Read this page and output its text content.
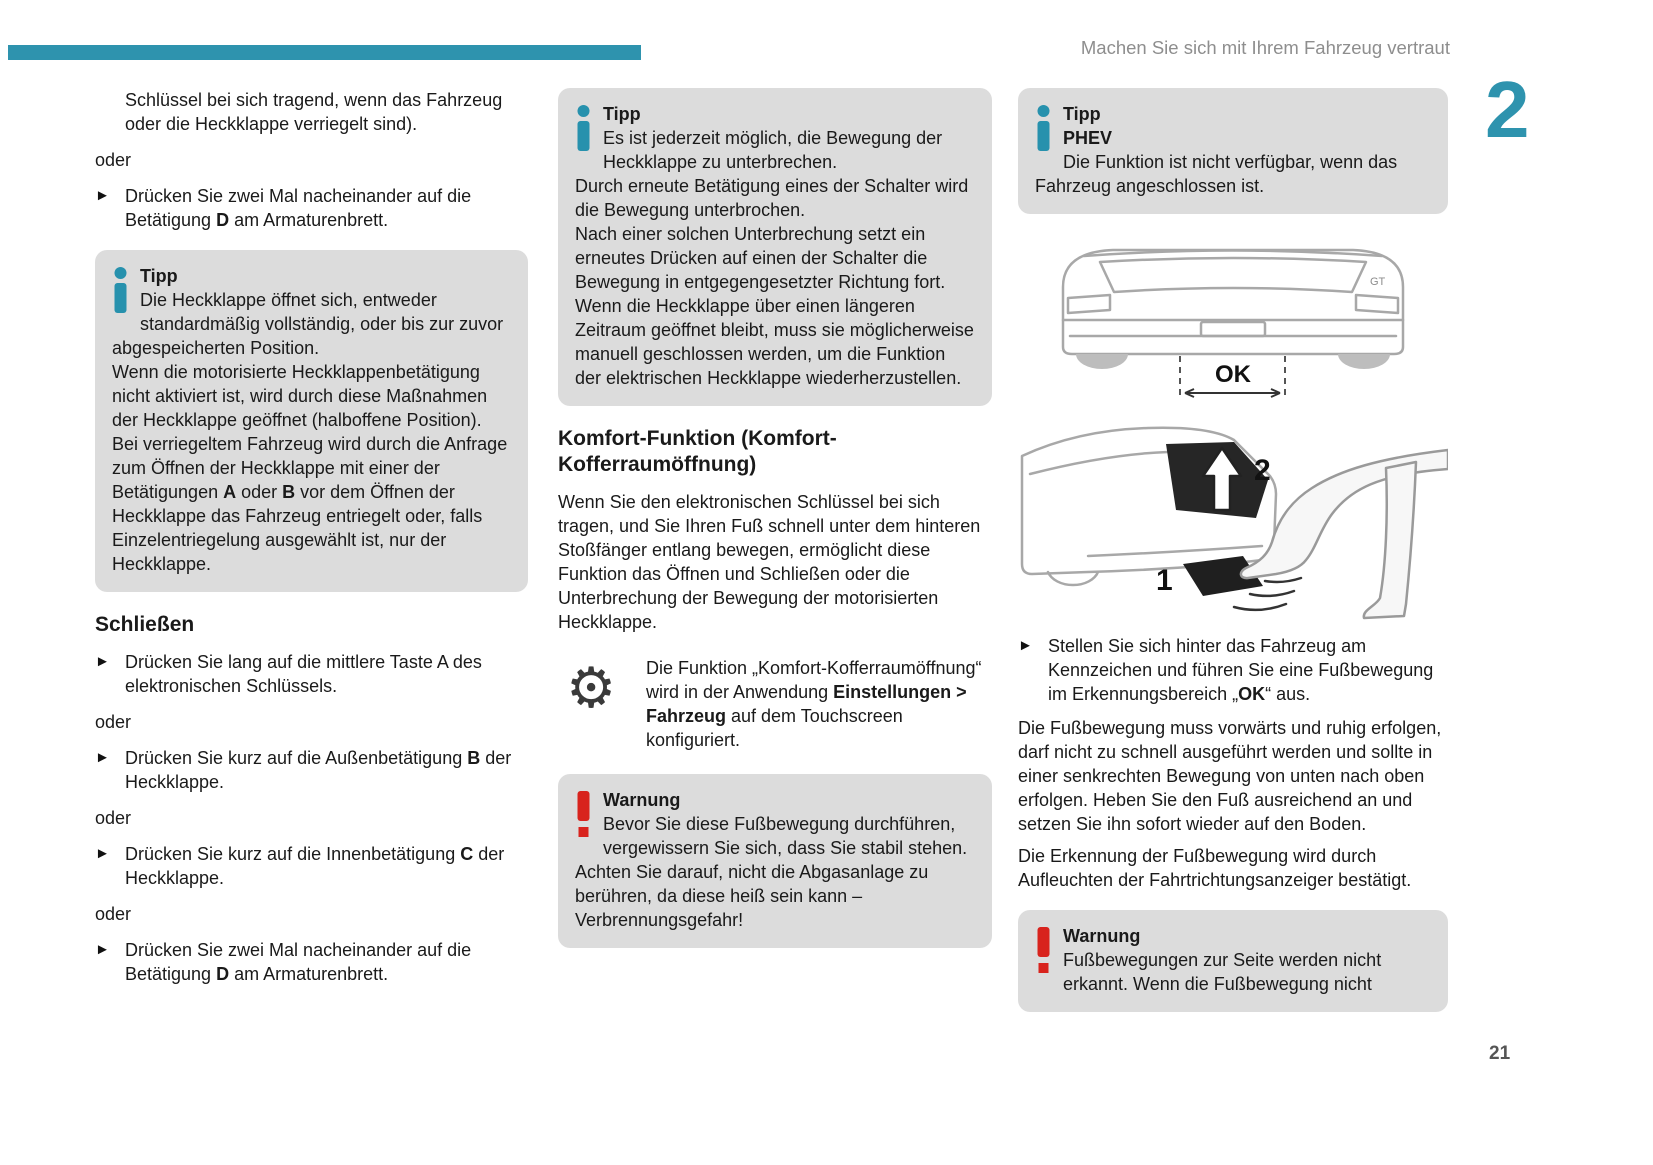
Machen Sie sich mit Ihrem Fahrzeug vertraut
2
21

Schlüssel bei sich tragend, wenn das Fahrzeug oder die Heckklappe verriegelt sind).

oder

► Drücken Sie zwei Mal nacheinander auf die Betätigung D am Armaturenbrett.
Tipp

Die Heckklappe öffnet sich, entweder standardmäßig vollständig, oder bis zur zuvor abgespeicherten Position.

Wenn die motorisierte Heckklappenbetätigung nicht aktiviert ist, wird durch diese Maßnahmen der Heckklappe geöffnet (halboffene Position).

Bei verriegeltem Fahrzeug wird durch die Anfrage zum Öffnen der Heckklappe mit einer der Betätigungen A oder B vor dem Öffnen der Heckklappe das Fahrzeug entriegelt oder, falls Einzelentriegelung ausgewählt ist, nur der Heckklappe.

Schließen
► Drücken Sie lang auf die mittlere Taste A des elektronischen Schlüssels.

oder

► Drücken Sie kurz auf die Außenbetätigung B der Heckklappe.

oder

► Drücken Sie kurz auf die Innenbetätigung C der Heckklappe.

oder

► Drücken Sie zwei Mal nacheinander auf die Betätigung D am Armaturenbrett.
Tipp

Es ist jederzeit möglich, die Bewegung der Heckklappe zu unterbrechen.

Durch erneute Betätigung eines der Schalter wird die Bewegung unterbrochen.

Nach einer solchen Unterbrechung setzt ein erneutes Drücken auf einen der Schalter die Bewegung in entgegengesetzter Richtung fort.

Wenn die Heckklappe über einen längeren Zeitraum geöffnet bleibt, muss sie möglicherweise manuell geschlossen werden, um die Funktion der elektrischen Heckklappe wiederherzustellen.

Komfort-Funktion (Komfort-Kofferraumöffnung)

Wenn Sie den elektronischen Schlüssel bei sich tragen, und Sie Ihren Fuß schnell unter dem hinteren Stoßfänger entlang bewegen, ermöglicht diese Funktion das Öffnen und Schließen oder die Unterbrechung der Bewegung der motorisierten Heckklappe.

⚙	Die Funktion „Komfort-Kofferraumöffnung“ wird in der Anwendung Einstellungen > Fahrzeug auf dem Touchscreen konfiguriert.
Warnung

Bevor Sie diese Fußbewegung durchführen, vergewissern Sie sich, dass Sie stabil stehen.

Achten Sie darauf, nicht die Abgasanlage zu berühren, da diese heiß sein kann – Verbrennungsgefahr!

Tipp

PHEV

Die Funktion ist nicht verfügbar, wenn das Fahrzeug angeschlossen ist.

GT
OK
2
1
► Stellen Sie sich hinter das Fahrzeug am Kennzeichen und führen Sie eine Fußbewegung im Erkennungsbereich „OK“ aus.

Die Fußbewegung muss vorwärts und ruhig erfolgen, darf nicht zu schnell ausgeführt werden und sollte in einer senkrechten Bewegung von unten nach oben erfolgen. Heben Sie den Fuß ausreichend an und setzen Sie ihn sofort wieder auf den Boden.

Die Erkennung der Fußbewegung wird durch Aufleuchten der Fahrtrichtungsanzeiger bestätigt.

Warnung

Fußbewegungen zur Seite werden nicht erkannt. Wenn die Fußbewegung nicht
